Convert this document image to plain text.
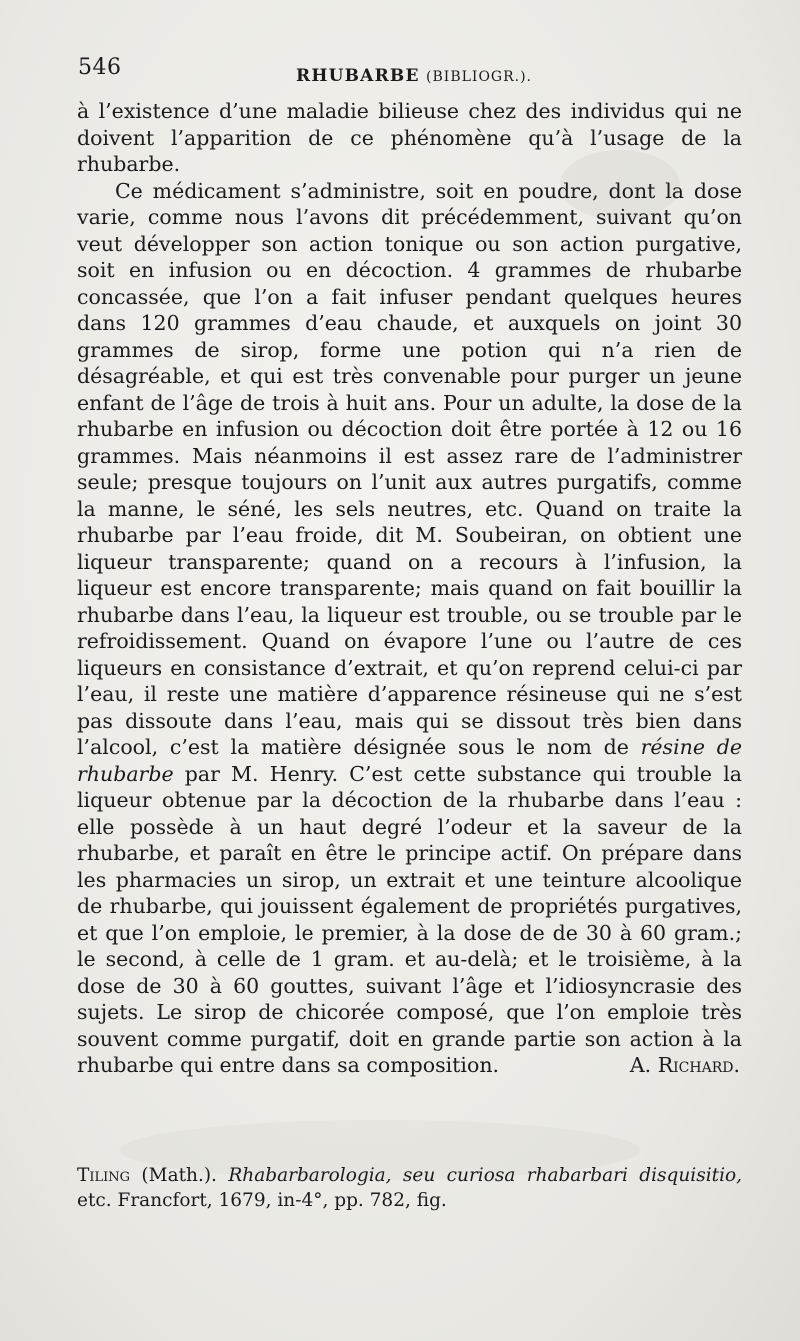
546	RHUBARBE (BIBLIOGR.).

à l’existence d’une maladie bilieuse chez des individus qui ne doivent l’apparition de ce phénomène qu’à l’usage de la rhubarbe.

Ce médicament s’administre, soit en poudre, dont la dose varie, comme nous l’avons dit précédemment, suivant qu’on veut développer son action tonique ou son action purgative, soit en infusion ou en décoction. 4 grammes de rhubarbe concassée, que l’on a fait infuser pendant quelques heures dans 120 grammes d’eau chaude, et auxquels on joint 30 grammes de sirop, forme une potion qui n’a rien de désagréable, et qui est très convenable pour purger un jeune enfant de l’âge de trois à huit ans. Pour un adulte, la dose de la rhubarbe en infusion ou décoction doit être portée à 12 ou 16 grammes. Mais néanmoins il est assez rare de l’administrer seule; presque toujours on l’unit aux autres purgatifs, comme la manne, le séné, les sels neutres, etc. Quand on traite la rhubarbe par l’eau froide, dit M. Soubeiran, on obtient une liqueur transparente; quand on a recours à l’infusion, la liqueur est encore transparente; mais quand on fait bouillir la rhubarbe dans l’eau, la liqueur est trouble, ou se trouble par le refroidissement. Quand on évapore l’une ou l’autre de ces liqueurs en consistance d’extrait, et qu’on reprend celui-ci par l’eau, il reste une matière d’apparence résineuse qui ne s’est pas dissoute dans l’eau, mais qui se dissout très bien dans l’alcool, c’est la matière désignée sous le nom de résine de rhubarbe par M. Henry. C’est cette substance qui trouble la liqueur obtenue par la décoction de la rhubarbe dans l’eau : elle possède à un haut degré l’odeur et la saveur de la rhubarbe, et paraît en être le principe actif. On prépare dans les pharmacies un sirop, un extrait et une teinture alcoolique de rhubarbe, qui jouissent également de propriétés purgatives, et que l’on emploie, le premier, à la dose de de 30 à 60 gram.; le second, à celle de 1 gram. et au-delà; et le troisième, à la dose de 30 à 60 gouttes, suivant l’âge et l’idiosyncrasie des sujets. Le sirop de chicorée composé, que l’on emploie très souvent comme purgatif, doit en grande partie son action à la rhubarbe qui entre dans sa composition.	A. Richard.

Tiling (Math.). Rhabarbarologia, seu curiosa rhabarbari disquisitio, etc. Francfort, 1679, in-4°, pp. 782, fig.
